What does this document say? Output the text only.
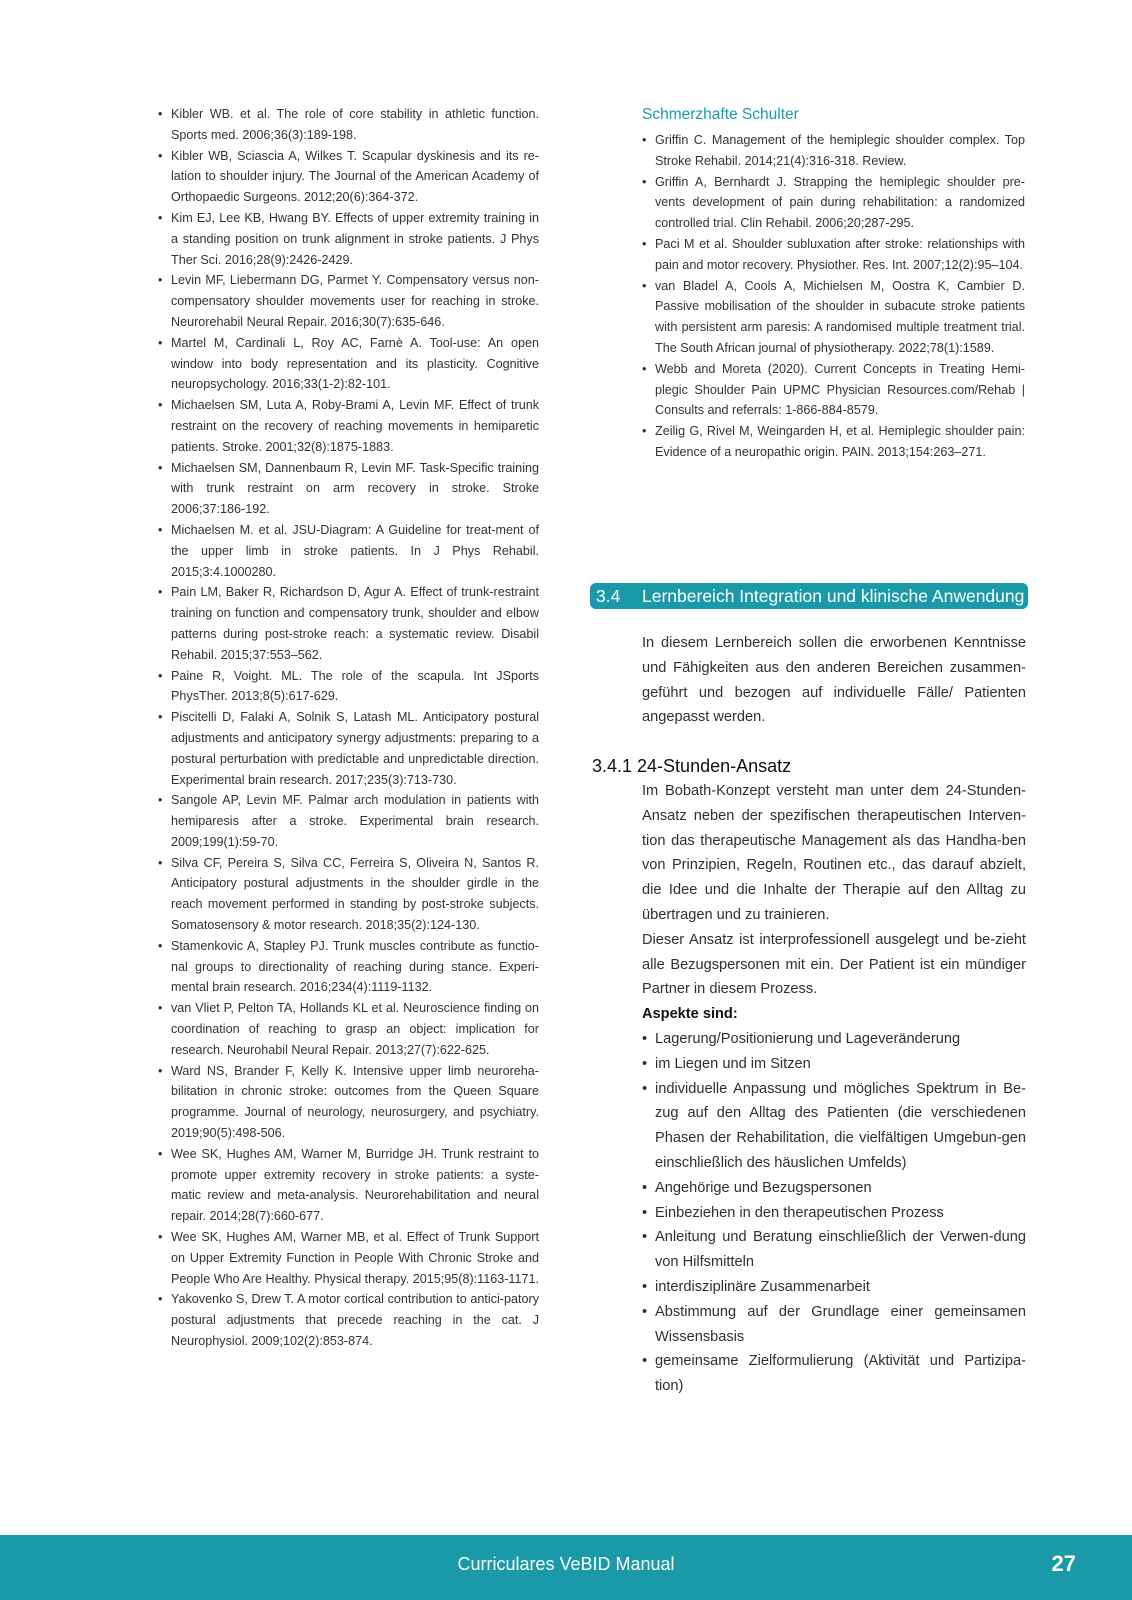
• Kibler WB. et al. The role of core stability in athletic function. Sports med. 2006;36(3):189-198.
• Kibler WB, Sciascia A, Wilkes T. Scapular dyskinesis and its re-lation to shoulder injury. The Journal of the American Academy of Orthopaedic Surgeons. 2012;20(6):364-372.
• Kim EJ, Lee KB, Hwang BY. Effects of upper extremity training in a standing position on trunk alignment in stroke patients. J Phys Ther Sci. 2016;28(9):2426-2429.
• Levin MF, Liebermann DG, Parmet Y. Compensatory versus non-compensatory shoulder movements user for reaching in stroke. Neurorehabil Neural Repair. 2016;30(7):635-646.
• Martel M, Cardinali L, Roy AC, Farnè A. Tool-use: An open window into body representation and its plasticity. Cognitive neuropsychology. 2016;33(1-2):82-101.
• Michaelsen SM, Luta A, Roby-Brami A, Levin MF. Effect of trunk restraint on the recovery of reaching movements in hemiparetic patients. Stroke. 2001;32(8):1875-1883.
• Michaelsen SM, Dannenbaum R, Levin MF. Task-Specific training with trunk restraint on arm recovery in stroke. Stroke 2006;37:186-192.
• Michaelsen M. et al. JSU-Diagram: A Guideline for treat-ment of the upper limb in stroke patients. In J Phys Rehabil. 2015;3:4.1000280.
• Pain LM, Baker R, Richardson D, Agur A. Effect of trunk-restraint training on function and compensatory trunk, shoulder and elbow patterns during post-stroke reach: a systematic review. Disabil Rehabil. 2015;37:553–562.
• Paine R, Voight. ML. The role of the scapula. Int JSports PhysTher. 2013;8(5):617-629.
• Piscitelli D, Falaki A, Solnik S, Latash ML. Anticipatory postural adjustments and anticipatory synergy adjustments: preparing to a postural perturbation with predictable and unpredictable direction. Experimental brain research. 2017;235(3):713-730.
• Sangole AP, Levin MF. Palmar arch modulation in patients with hemiparesis after a stroke. Experimental brain research. 2009;199(1):59-70.
• Silva CF, Pereira S, Silva CC, Ferreira S, Oliveira N, Santos R. Anticipatory postural adjustments in the shoulder girdle in the reach movement performed in standing by post-stroke subjects. Somatosensory & motor research. 2018;35(2):124-130.
• Stamenkovic A, Stapley PJ. Trunk muscles contribute as functio-nal groups to directionality of reaching during stance. Experi-mental brain research. 2016;234(4):1119-1132.
• van Vliet P, Pelton TA, Hollands KL et al. Neuroscience finding on coordination of reaching to grasp an object: implication for research. Neurohabil Neural Repair. 2013;27(7):622-625.
• Ward NS, Brander F, Kelly K. Intensive upper limb neuroreha-bilitation in chronic stroke: outcomes from the Queen Square programme. Journal of neurology, neurosurgery, and psychiatry. 2019;90(5):498-506.
• Wee SK, Hughes AM, Warner M, Burridge JH. Trunk restraint to promote upper extremity recovery in stroke patients: a syste-matic review and meta-analysis. Neurorehabilitation and neural repair. 2014;28(7):660-677.
• Wee SK, Hughes AM, Warner MB, et al. Effect of Trunk Support on Upper Extremity Function in People With Chronic Stroke and People Who Are Healthy. Physical therapy. 2015;95(8):1163-1171.
• Yakovenko S, Drew T. A motor cortical contribution to antici-patory postural adjustments that precede reaching in the cat. J Neurophysiol. 2009;102(2):853-874.
Schmerzhafte Schulter
• Griffin C. Management of the hemiplegic shoulder complex. Top Stroke Rehabil. 2014;21(4):316-318. Review.
• Griffin A, Bernhardt J. Strapping the hemiplegic shoulder pre-vents development of pain during rehabilitation: a randomized controlled trial. Clin Rehabil. 2006;20;287-295.
• Paci M et al. Shoulder subluxation after stroke: relationships with pain and motor recovery. Physiother. Res. Int. 2007;12(2):95–104.
• van Bladel A, Cools A, Michielsen M, Oostra K, Cambier D. Passive mobilisation of the shoulder in subacute stroke patients with persistent arm paresis: A randomised multiple treatment trial. The South African journal of physiotherapy. 2022;78(1):1589.
• Webb and Moreta (2020). Current Concepts in Treating Hemi-plegic Shoulder Pain UPMC Physician Resources.com/Rehab | Consults and referrals: 1-866-884-8579.
• Zeilig G, Rivel M, Weingarden H, et al. Hemiplegic shoulder pain: Evidence of a neuropathic origin. PAIN. 2013;154:263–271.
3.4	Lernbereich Integration und klinische Anwendung

In diesem Lernbereich sollen die erworbenen Kenntnisse und Fähigkeiten aus den anderen Bereichen zusammen-geführt und bezogen auf individuelle Fälle/ Patienten angepasst werden.

3.4.1 24-Stunden-Ansatz

Im Bobath-Konzept versteht man unter dem 24-Stunden-Ansatz neben der spezifischen therapeutischen Interven-tion das therapeutische Management als das Handha-ben von Prinzipien, Regeln, Routinen etc., das darauf abzielt, die Idee und die Inhalte der Therapie auf den Alltag zu übertragen und zu trainieren.

Dieser Ansatz ist interprofessionell ausgelegt und be-zieht alle Bezugspersonen mit ein. Der Patient ist ein mündiger Partner in diesem Prozess.

Aspekte sind:

• Lagerung/Positionierung und Lageveränderung
• im Liegen und im Sitzen
• individuelle Anpassung und mögliches Spektrum in Be-zug auf den Alltag des Patienten (die verschiedenen Phasen der Rehabilitation, die vielfältigen Umgebun-gen einschließlich des häuslichen Umfelds)
• Angehörige und Bezugspersonen
• Einbeziehen in den therapeutischen Prozess
• Anleitung und Beratung einschließlich der Verwen-dung von Hilfsmitteln
• interdisziplinäre Zusammenarbeit
• Abstimmung auf der Grundlage einer gemeinsamen Wissensbasis
• gemeinsame Zielformulierung (Aktivität und Partizipa-tion)
Curriculares VeBID Manual	27
